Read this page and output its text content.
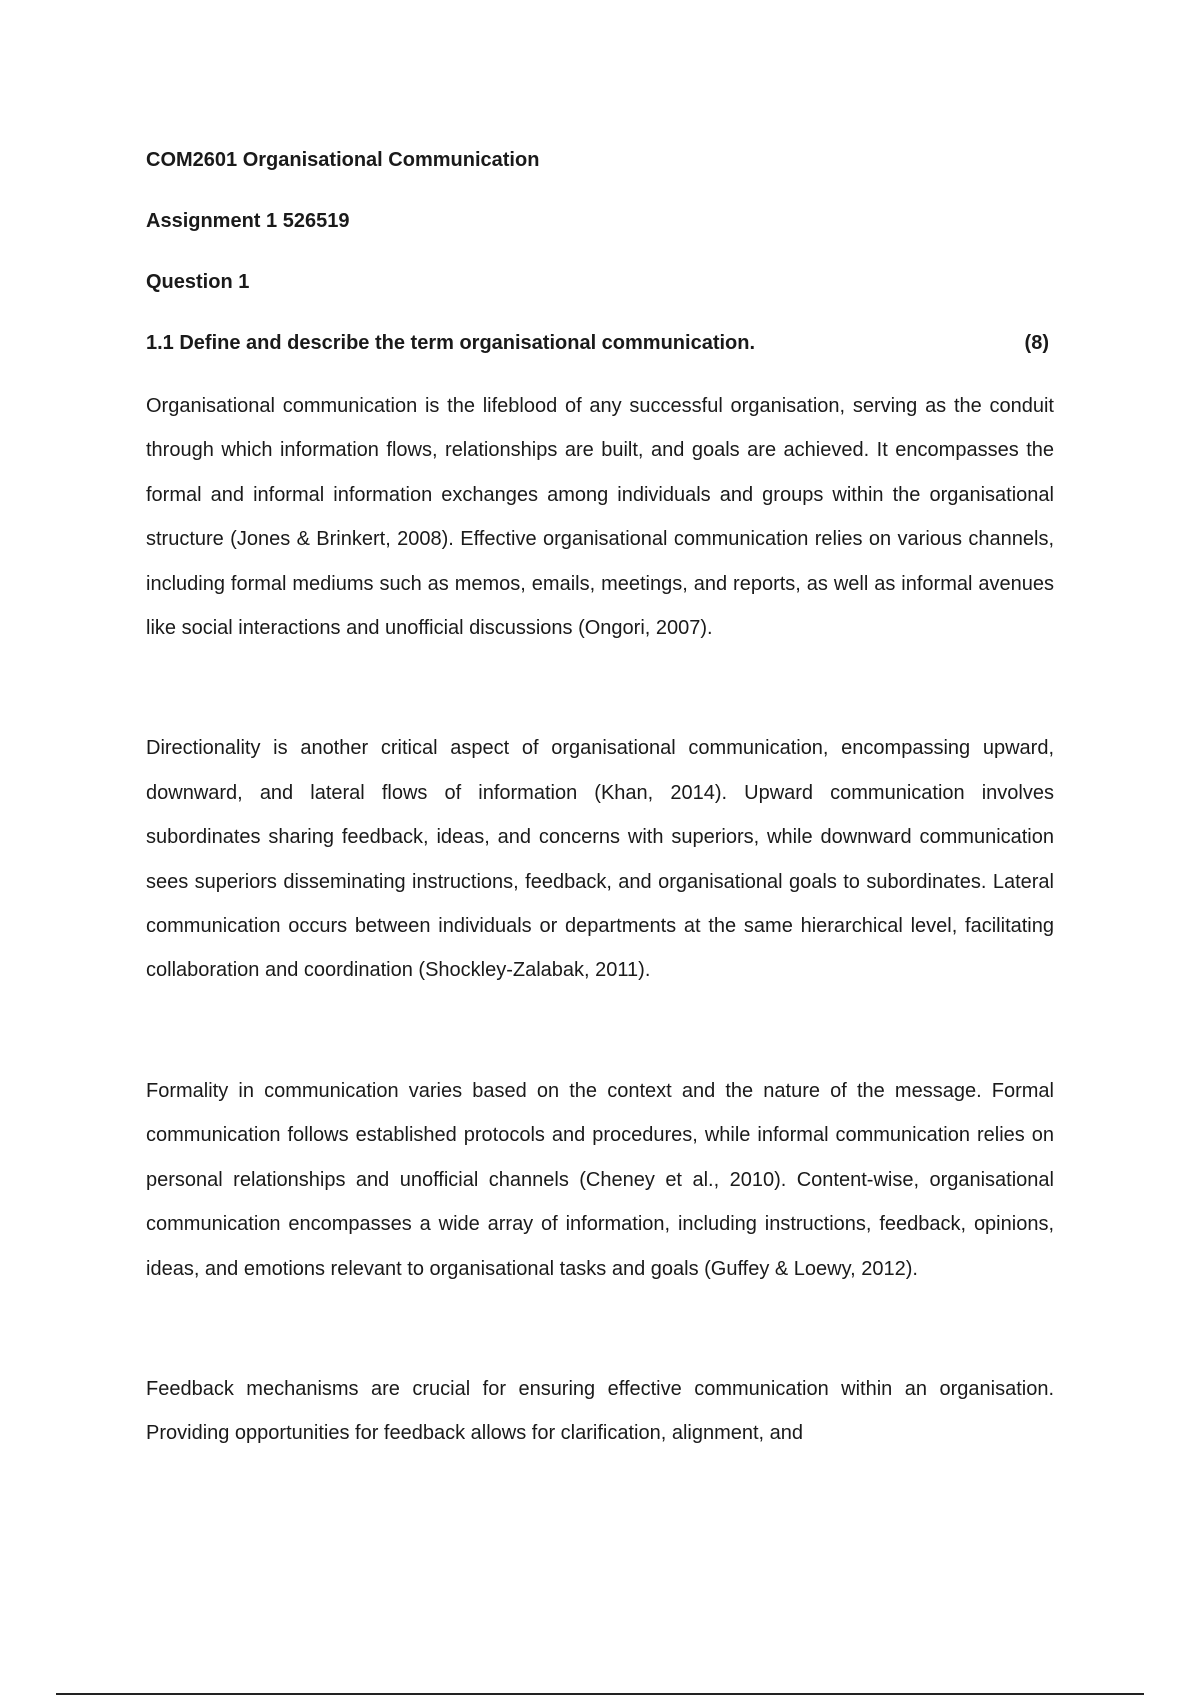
COM2601 Organisational Communication
Assignment 1 526519
Question 1
1.1 Define and describe the term organisational communication.	(8)

Organisational communication is the lifeblood of any successful organisation, serving as the conduit through which information flows, relationships are built, and goals are achieved. It encompasses the formal and informal information exchanges among individuals and groups within the organisational structure (Jones & Brinkert, 2008). Effective organisational communication relies on various channels, including formal mediums such as memos, emails, meetings, and reports, as well as informal avenues like social interactions and unofficial discussions (Ongori, 2007).

Directionality is another critical aspect of organisational communication, encompassing upward, downward, and lateral flows of information (Khan, 2014). Upward communication involves subordinates sharing feedback, ideas, and concerns with superiors, while downward communication sees superiors disseminating instructions, feedback, and organisational goals to subordinates. Lateral communication occurs between individuals or departments at the same hierarchical level, facilitating collaboration and coordination (Shockley-Zalabak, 2011).

Formality in communication varies based on the context and the nature of the message. Formal communication follows established protocols and procedures, while informal communication relies on personal relationships and unofficial channels (Cheney et al., 2010). Content-wise, organisational communication encompasses a wide array of information, including instructions, feedback, opinions, ideas, and emotions relevant to organisational tasks and goals (Guffey & Loewy, 2012).

Feedback mechanisms are crucial for ensuring effective communication within an organisation. Providing opportunities for feedback allows for clarification, alignment, and
